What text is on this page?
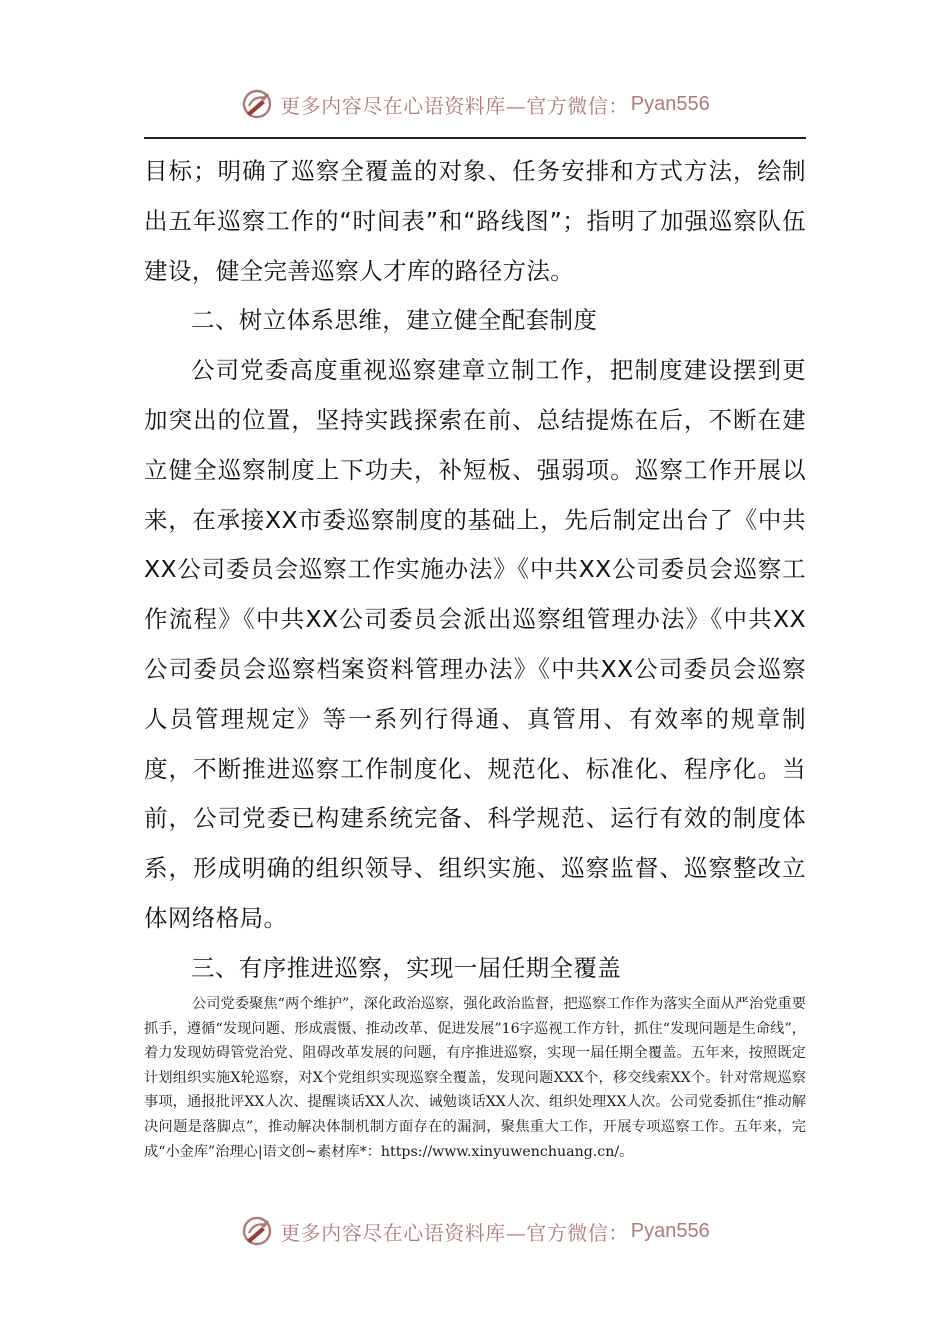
更多内容尽在心语资料库—官方微信： Pyan556

目标；明确了巡察全覆盖的对象、任务安排和方式方法，绘制出五年巡察工作的“时间表”和“路线图”；指明了加强巡察队伍建设，健全完善巡察人才库的路径方法。

二、树立体系思维，建立健全配套制度

公司党委高度重视巡察建章立制工作，把制度建设摆到更加突出的位置，坚持实践探索在前、总结提炼在后，不断在建立健全巡察制度上下功夫，补短板、强弱项。巡察工作开展以来，在承接XX市委巡察制度的基础上，先后制定出台了《中共XX公司委员会巡察工作实施办法》《中共XX公司委员会巡察工作流程》《中共XX公司委员会派出巡察组管理办法》《中共XX公司委员会巡察档案资料管理办法》《中共XX公司委员会巡察人员管理规定》等一系列行得通、真管用、有效率的规章制度，不断推进巡察工作制度化、规范化、标准化、程序化。当前，公司党委已构建系统完备、科学规范、运行有效的制度体系，形成明确的组织领导、组织实施、巡察监督、巡察整改立体网络格局。

三、有序推进巡察，实现一届任期全覆盖

公司党委聚焦“两个维护”，深化政治巡察，强化政治监督，把巡察工作作为落实全面从严治党重要抓手，遵循“发现问题、形成震慑、推动改革、促进发展”16字巡视工作方针，抓住“发现问题是生命线”，着力发现妨碍管党治党、阻碍改革发展的问题，有序推进巡察，实现一届任期全覆盖。五年来，按照既定计划组织实施X轮巡察，对X个党组织实现巡察全覆盖，发现问题XXX个，移交线索XX个。针对常规巡察事项，通报批评XX人次、提醒谈话XX人次、诫勉谈话XX人次、组织处理XX人次。公司党委抓住“推动解决问题是落脚点”，推动解决体制机制方面存在的漏洞，聚焦重大工作，开展专项巡察工作。五年来，完成“小金库”治理心|语文创~素材库*：https://www.xinyuwenchuang.cn/。

更多内容尽在心语资料库—官方微信： Pyan556
